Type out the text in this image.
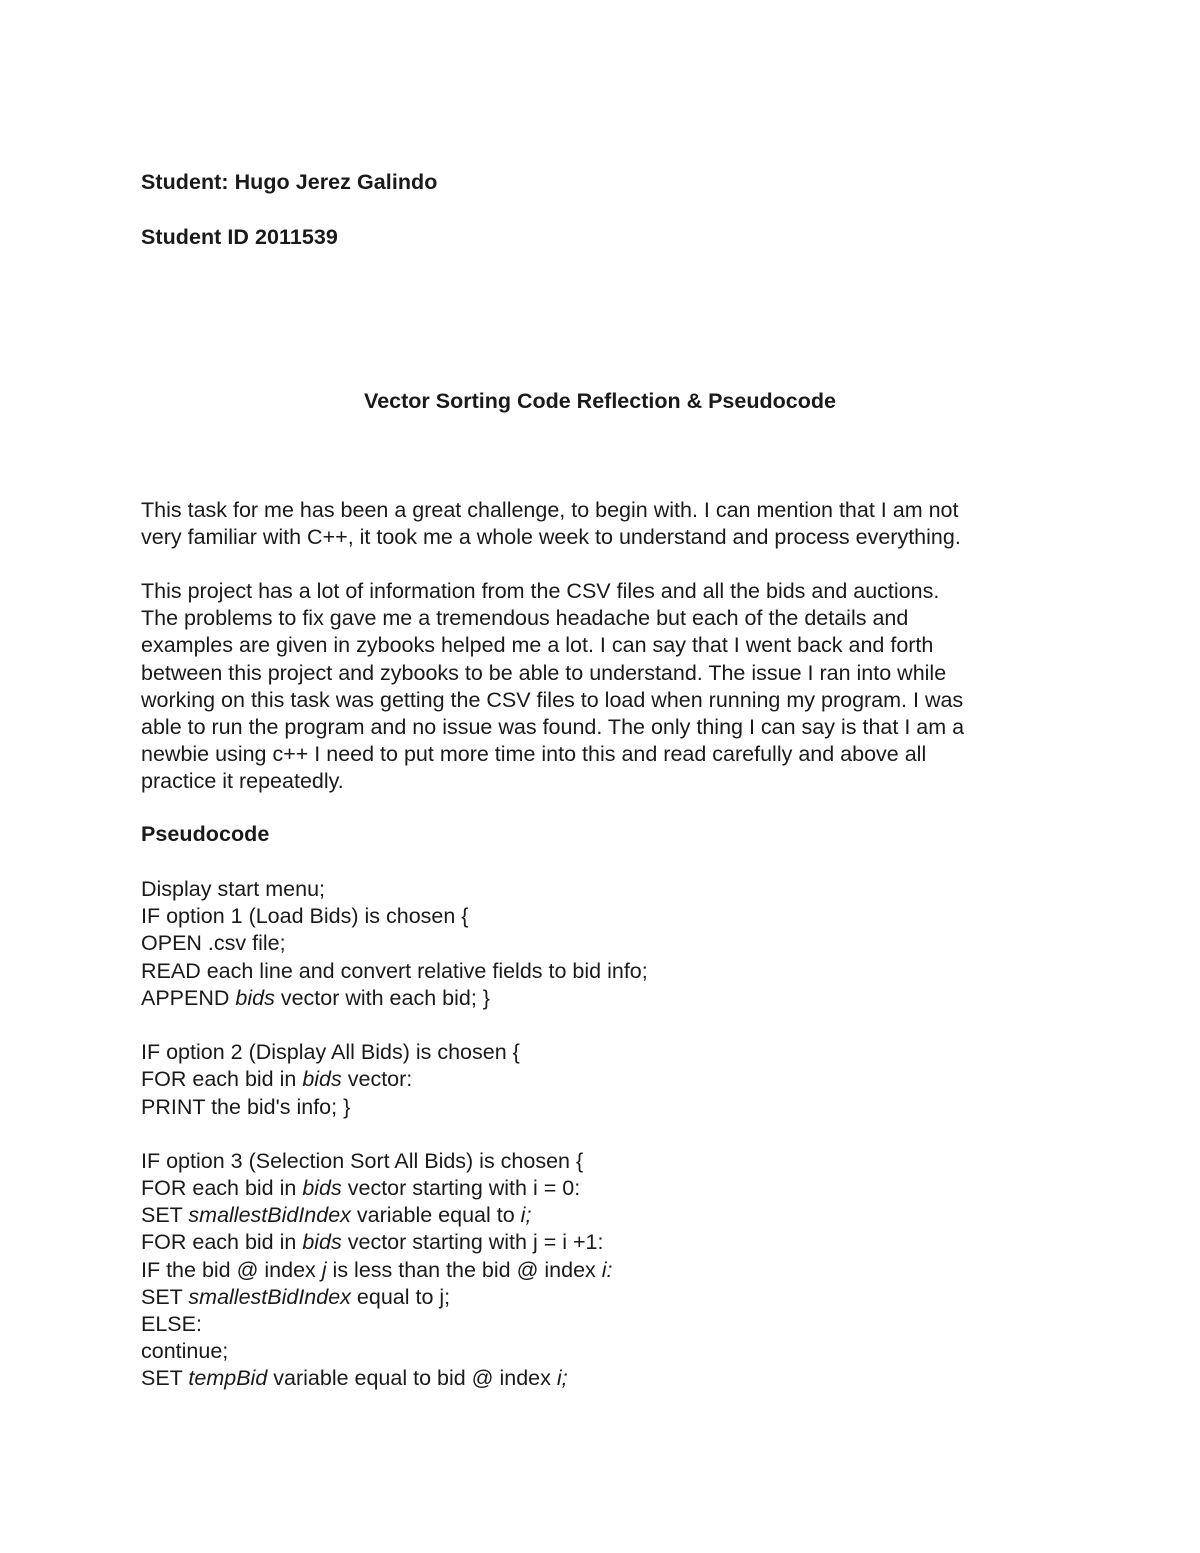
Student: Hugo Jerez Galindo
Student ID 2011539
Vector Sorting Code Reflection & Pseudocode
This task for me has been a great challenge, to begin with. I can mention that I am not
very familiar with C++, it took me a whole week to understand and process everything.
This project has a lot of information from the CSV files and all the bids and auctions.
The problems to fix gave me a tremendous headache but each of the details and
examples are given in zybooks helped me a lot. I can say that I went back and forth
between this project and zybooks to be able to understand. The issue I ran into while
working on this task was getting the CSV files to load when running my program. I was
able to run the program and no issue was found. The only thing I can say is that I am a
newbie using c++ I need to put more time into this and read carefully and above all
practice it repeatedly.
Pseudocode
Display start menu;
IF option 1 (Load Bids) is chosen {
OPEN .csv file;
READ each line and convert relative fields to bid info;
APPEND bids vector with each bid; }
IF option 2 (Display All Bids) is chosen {
FOR each bid in bids vector:
PRINT the bid's info; }
IF option 3 (Selection Sort All Bids) is chosen {
FOR each bid in bids vector starting with i = 0:
SET smallestBidIndex variable equal to i;
FOR each bid in bids vector starting with j = i +1:
IF the bid @ index j is less than the bid @ index i:
SET smallestBidIndex equal to j;
ELSE:
continue;
SET tempBid variable equal to bid @ index i;
